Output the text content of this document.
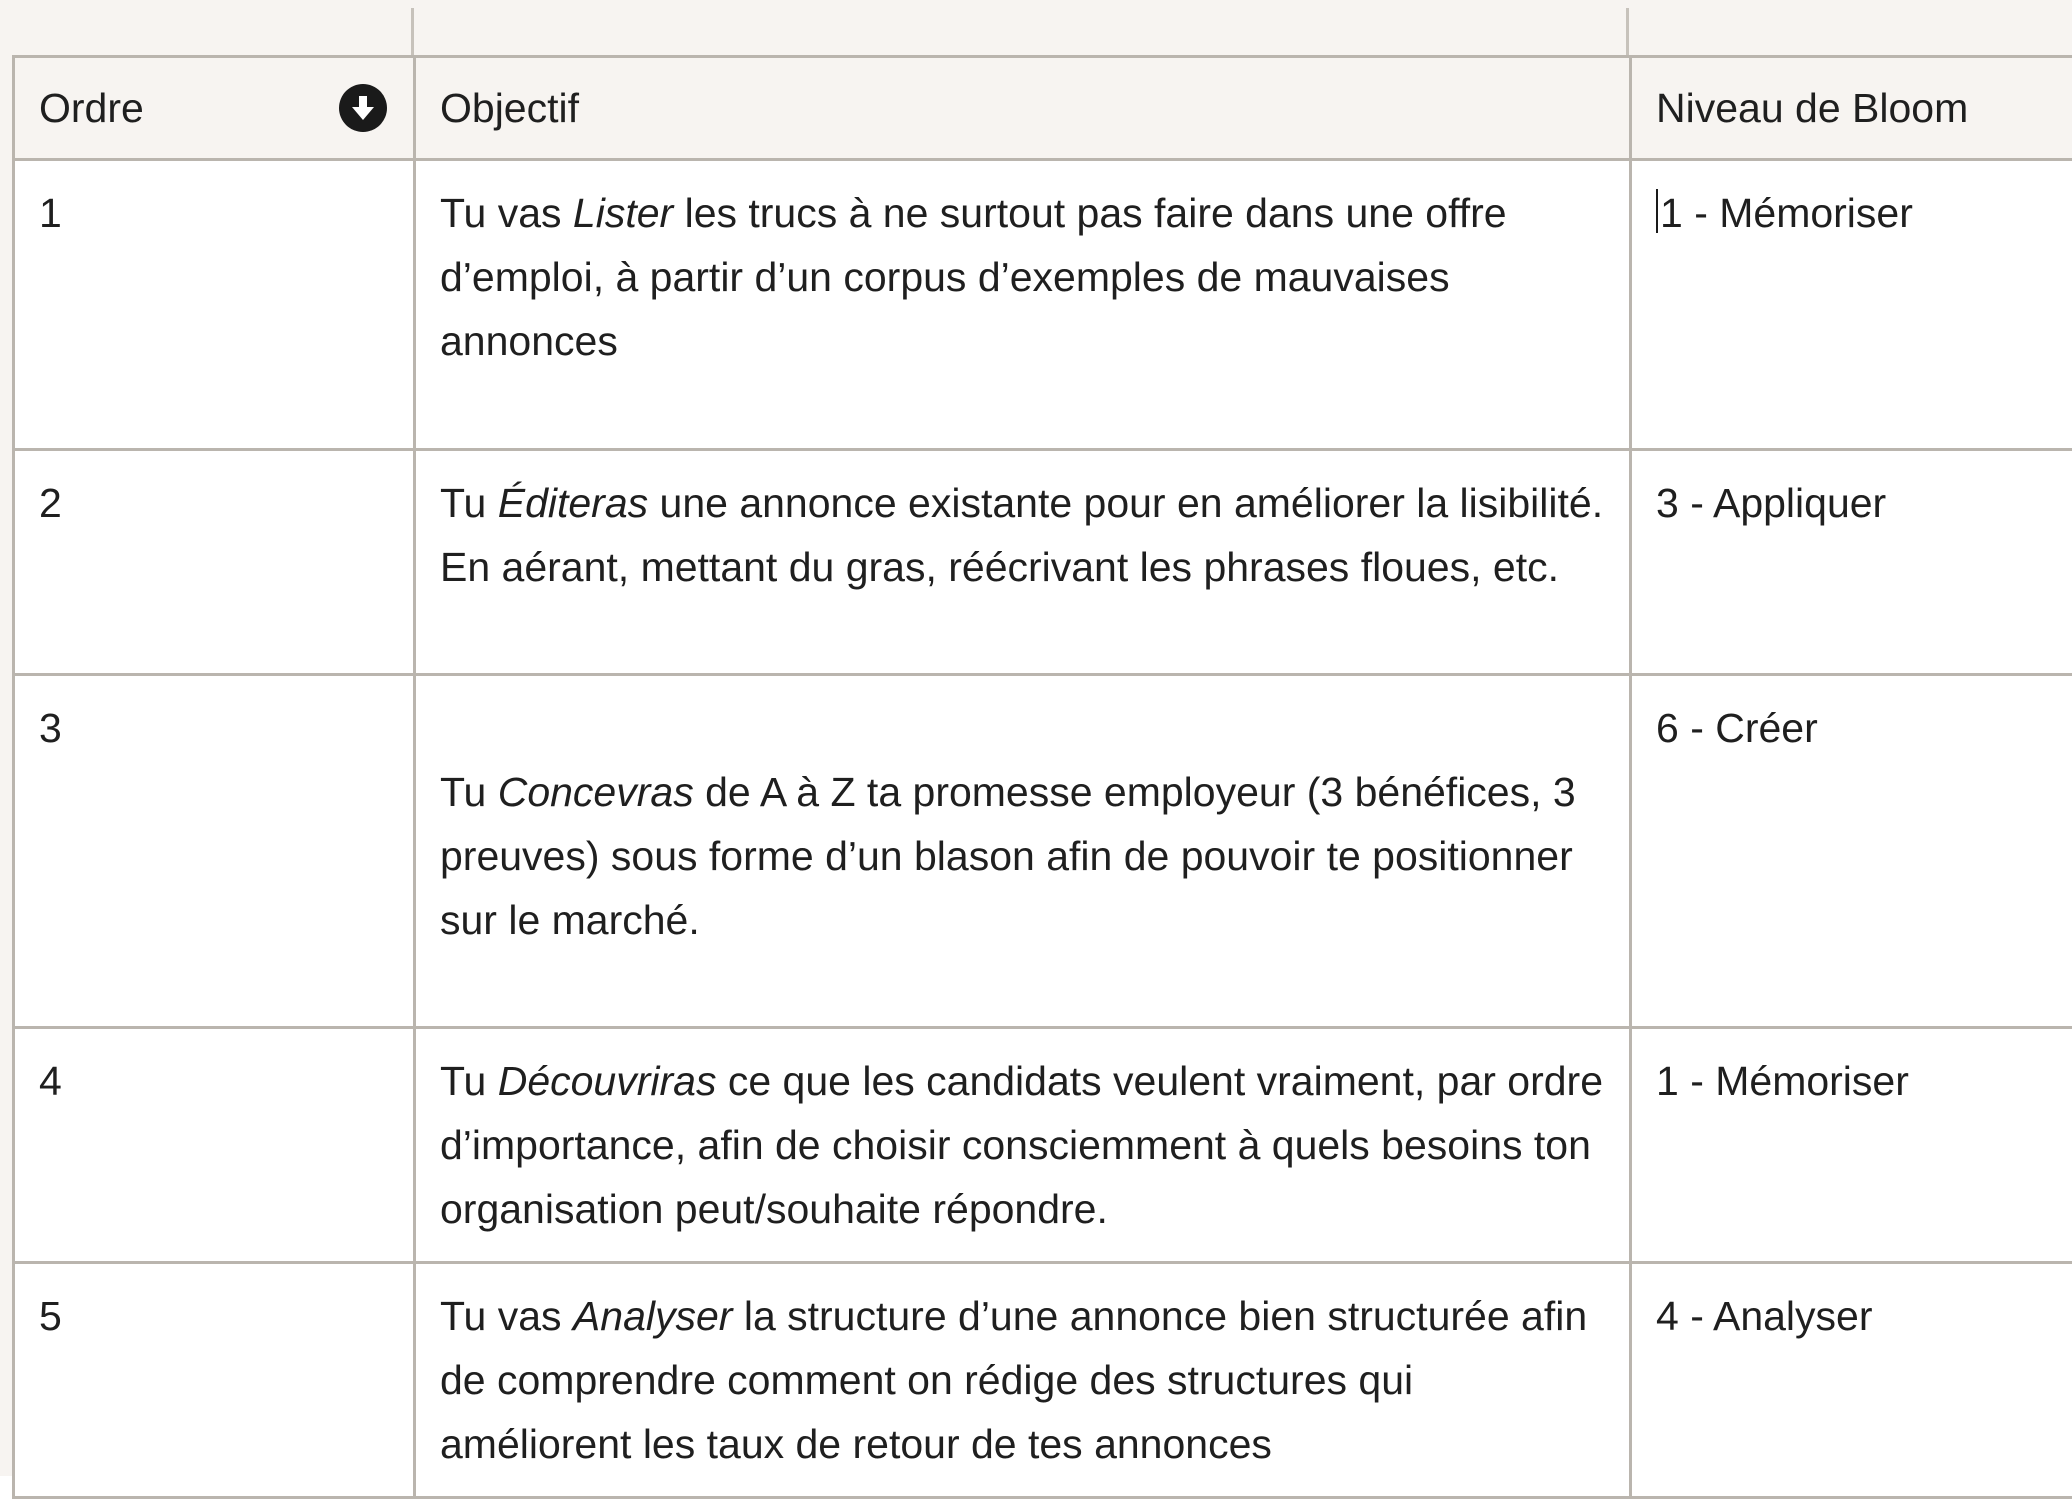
Ordre	Objectif	Niveau de Bloom

1	Tu vas Lister les trucs à ne surtout pas faire dans une offre d’emploi, à partir d’un corpus d’exemples de mauvaises annonces	1 - Mémoriser

2	Tu Éditeras une annonce existante pour en améliorer la lisibilité. En aérant, mettant du gras, réécrivant les phrases floues, etc.	3 - Appliquer

3	Tu Concevras de A à Z ta promesse employeur (3 bénéfices, 3 preuves) sous forme d’un blason afin de pouvoir te positionner sur le marché.	6 - Créer

4	Tu Découvriras ce que les candidats veulent vraiment, par ordre d’importance, afin de choisir consciemment à quels besoins ton organisation peut/souhaite répondre.	1 - Mémoriser

5	Tu vas Analyser la structure d’une annonce bien structurée afin de comprendre comment on rédige des structures qui améliorent les taux de retour de tes annonces	4 - Analyser
